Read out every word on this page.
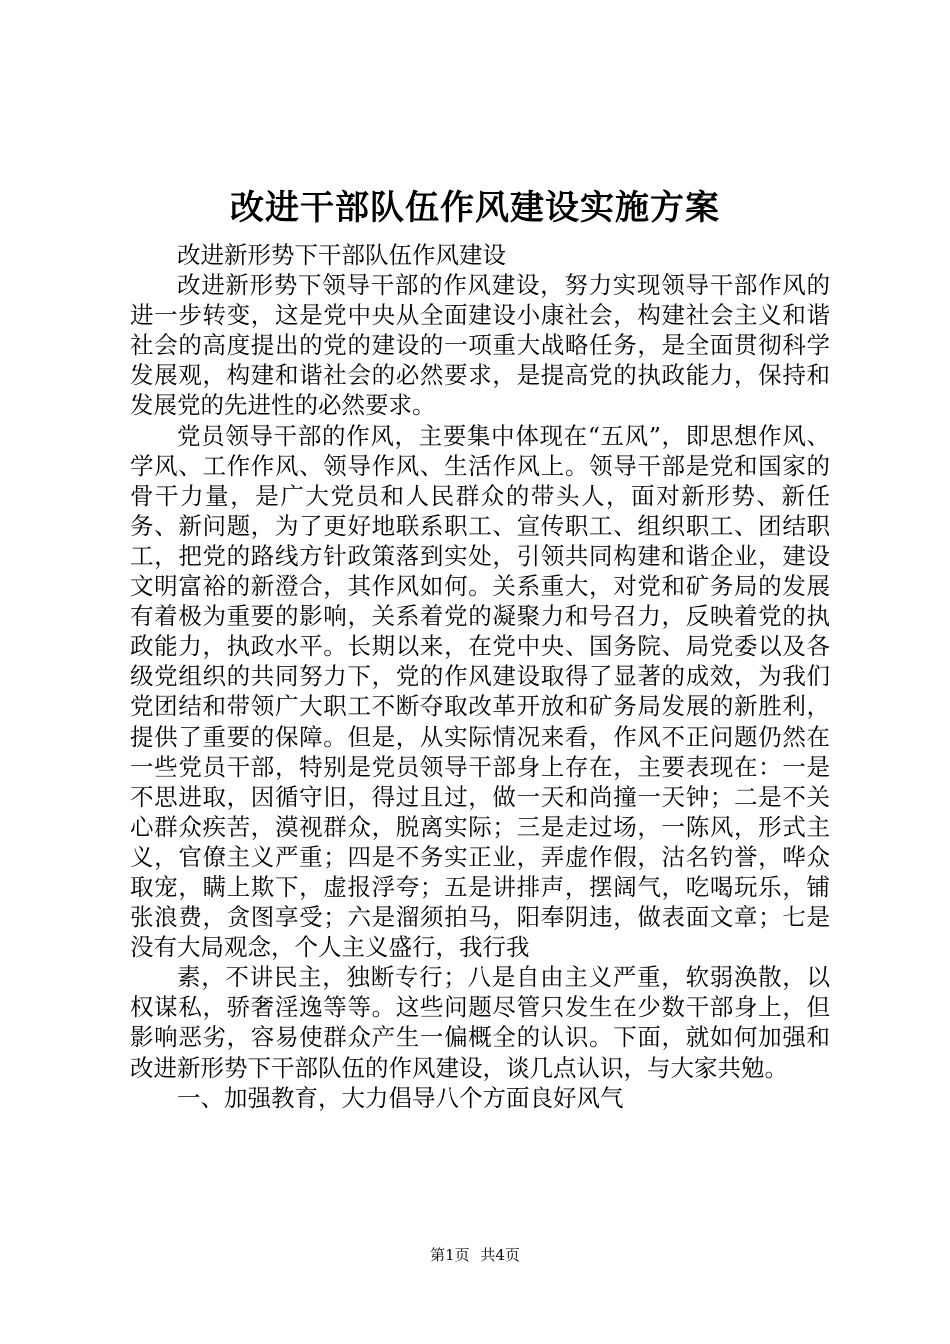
改进干部队伍作风建设实施方案

改进新形势下干部队伍作风建设

改进新形势下领导干部的作风建设，努力实现领导干部作风的进一步转变，这是党中央从全面建设小康社会，构建社会主义和谐社会的高度提出的党的建设的一项重大战略任务，是全面贯彻科学发展观，构建和谐社会的必然要求，是提高党的执政能力，保持和发展党的先进性的必然要求。

党员领导干部的作风，主要集中体现在“五风”，即思想作风、学风、工作作风、领导作风、生活作风上。领导干部是党和国家的骨干力量，是广大党员和人民群众的带头人，面对新形势、新任务、新问题，为了更好地联系职工、宣传职工、组织职工、团结职工，把党的路线方针政策落到实处，引领共同构建和谐企业，建设文明富裕的新澄合，其作风如何。关系重大，对党和矿务局的发展有着极为重要的影响，关系着党的凝聚力和号召力，反映着党的执政能力，执政水平。长期以来，在党中央、国务院、局党委以及各级党组织的共同努力下，党的作风建设取得了显著的成效，为我们党团结和带领广大职工不断夺取改革开放和矿务局发展的新胜利，提供了重要的保障。但是，从实际情况来看，作风不正问题仍然在一些党员干部，特别是党员领导干部身上存在，主要表现在：一是不思进取，因循守旧，得过且过，做一天和尚撞一天钟；二是不关心群众疾苦，漠视群众，脱离实际；三是走过场，一陈风，形式主义，官僚主义严重；四是不务实正业，弄虚作假，沽名钓誉，哗众取宠，瞒上欺下，虚报浮夸；五是讲排声，摆阔气，吃喝玩乐，铺张浪费，贪图享受；六是溜须拍马，阳奉阴违，做表面文章；七是没有大局观念，个人主义盛行，我行我

素，不讲民主，独断专行；八是自由主义严重，软弱涣散，以权谋私，骄奢淫逸等等。这些问题尽管只发生在少数干部身上，但影响恶劣，容易使群众产生一偏概全的认识。下面，就如何加强和改进新形势下干部队伍的作风建设，谈几点认识，与大家共勉。

一、加强教育，大力倡导八个方面良好风气

第1页 共4页
